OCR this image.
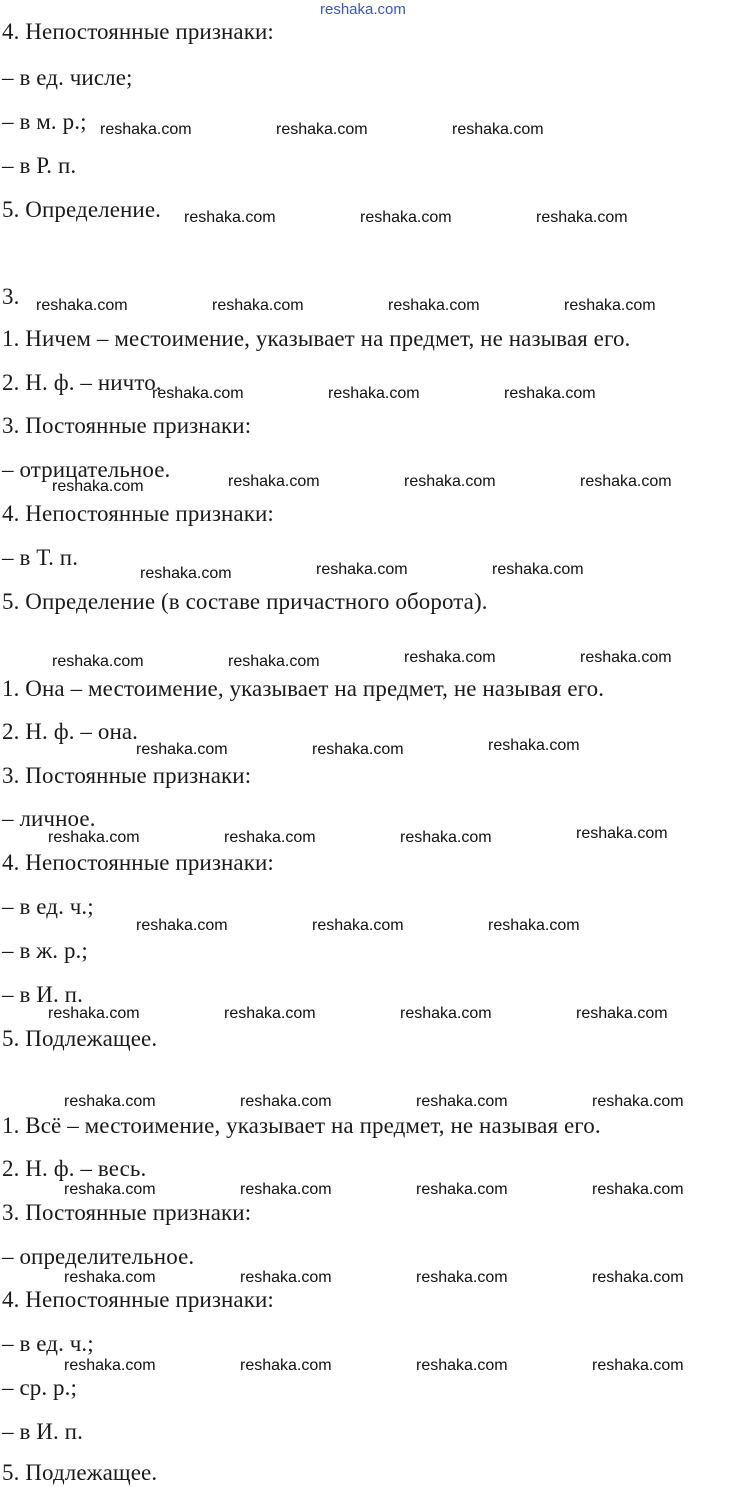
reshaka.com
4. Непостоянные признаки:
– в ед. числе;
– в м. р.;
– в Р. п.
5. Определение.
3.
1. Ничем – местоимение, указывает на предмет, не называя его.
2. Н. ф. – ничто.
3. Постоянные признаки:
– отрицательное.
4. Непостоянные признаки:
– в Т. п.
5. Определение (в составе причастного оборота).
1. Она – местоимение, указывает на предмет, не называя его.
2. Н. ф. – она.
3. Постоянные признаки:
– личное.
4. Непостоянные признаки:
– в ед. ч.;
– в ж. р.;
– в И. п.
5. Подлежащее.
1. Всё – местоимение, указывает на предмет, не называя его.
2. Н. ф. – весь.
3. Постоянные признаки:
– определительное.
4. Непостоянные признаки:
– в ед. ч.;
– ср. р.;
– в И. п.
5. Подлежащее.
reshaka.com	reshaka.com	reshaka.com
reshaka.com	reshaka.com	reshaka.com
reshaka.com	reshaka.com	reshaka.com	reshaka.com
reshaka.com	reshaka.com	reshaka.com
reshaka.com	reshaka.com	reshaka.com	reshaka.com
reshaka.com	reshaka.com	reshaka.com
reshaka.com	reshaka.com	reshaka.com	reshaka.com
reshaka.com	reshaka.com	reshaka.com
reshaka.com	reshaka.com	reshaka.com	reshaka.com
reshaka.com	reshaka.com	reshaka.com
reshaka.com	reshaka.com	reshaka.com	reshaka.com
reshaka.com	reshaka.com	reshaka.com	reshaka.com
reshaka.com	reshaka.com	reshaka.com	reshaka.com
reshaka.com	reshaka.com	reshaka.com	reshaka.com
reshaka.com	reshaka.com	reshaka.com	reshaka.com
